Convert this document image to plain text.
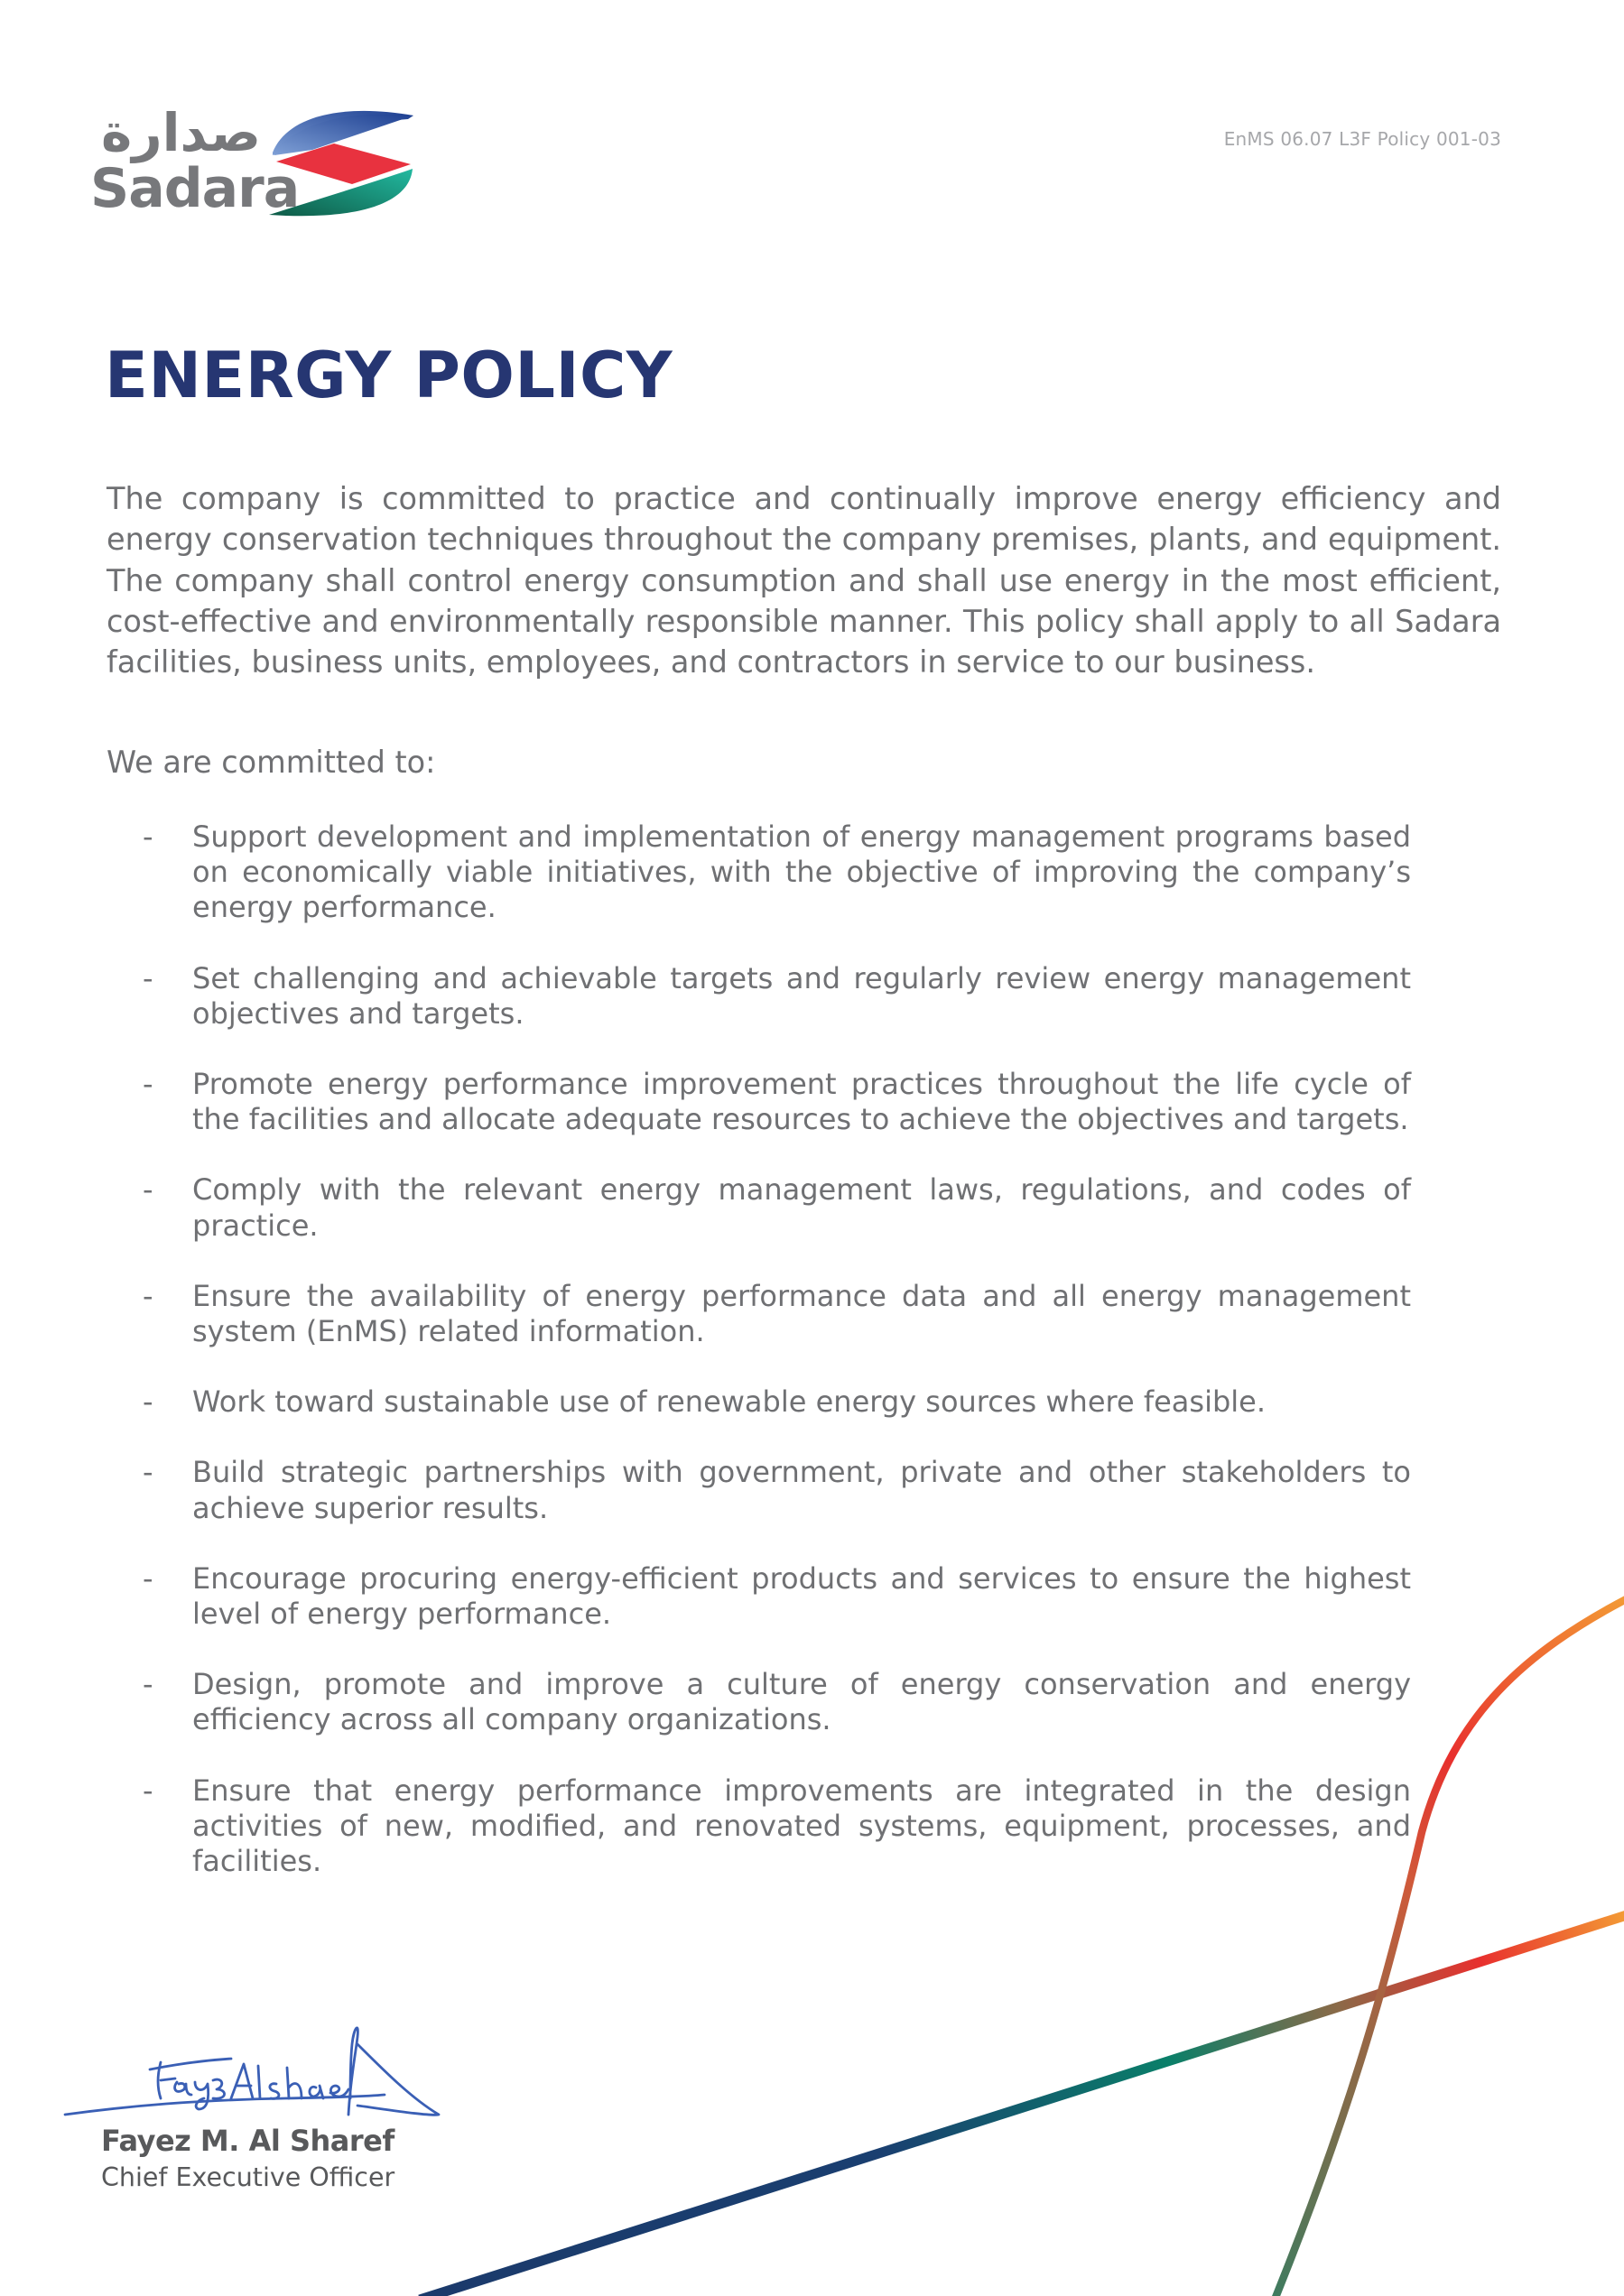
صدارة
Sadara
EnMS 06.07 L3F Policy 001-03
ENERGY POLICY

The company is committed to practice and continually improve energy efficiency and energy conservation techniques throughout the company premises, plants, and equipment. The company shall control energy consumption and shall use energy in the most efficient, cost-effective and environmentally responsible manner. This policy shall apply to all Sadara facilities, business units, employees, and contractors in service to our business.

We are committed to:

- Support development and implementation of energy management programs based on economically viable initiatives, with the objective of improving the company’s energy performance.
- Set challenging and achievable targets and regularly review energy management objectives and targets.
- Promote energy performance improvement practices throughout the life cycle of the facilities and allocate adequate resources to achieve the objectives and targets.
- Comply with the relevant energy management laws, regulations, and codes of practice.
- Ensure the availability of energy performance data and all energy management system (EnMS) related information.
- Work toward sustainable use of renewable energy sources where feasible.
- Build strategic partnerships with government, private and other stakeholders to achieve superior results.
- Encourage procuring energy-efficient products and services to ensure the highest level of energy performance.
- Design, promote and improve a culture of energy conservation and energy efficiency across all company organizations.
- Ensure that energy performance improvements are integrated in the design activities of new, modified, and renovated systems, equipment, processes, and facilities.

Fayez M. Al Sharef

Chief Executive Officer
